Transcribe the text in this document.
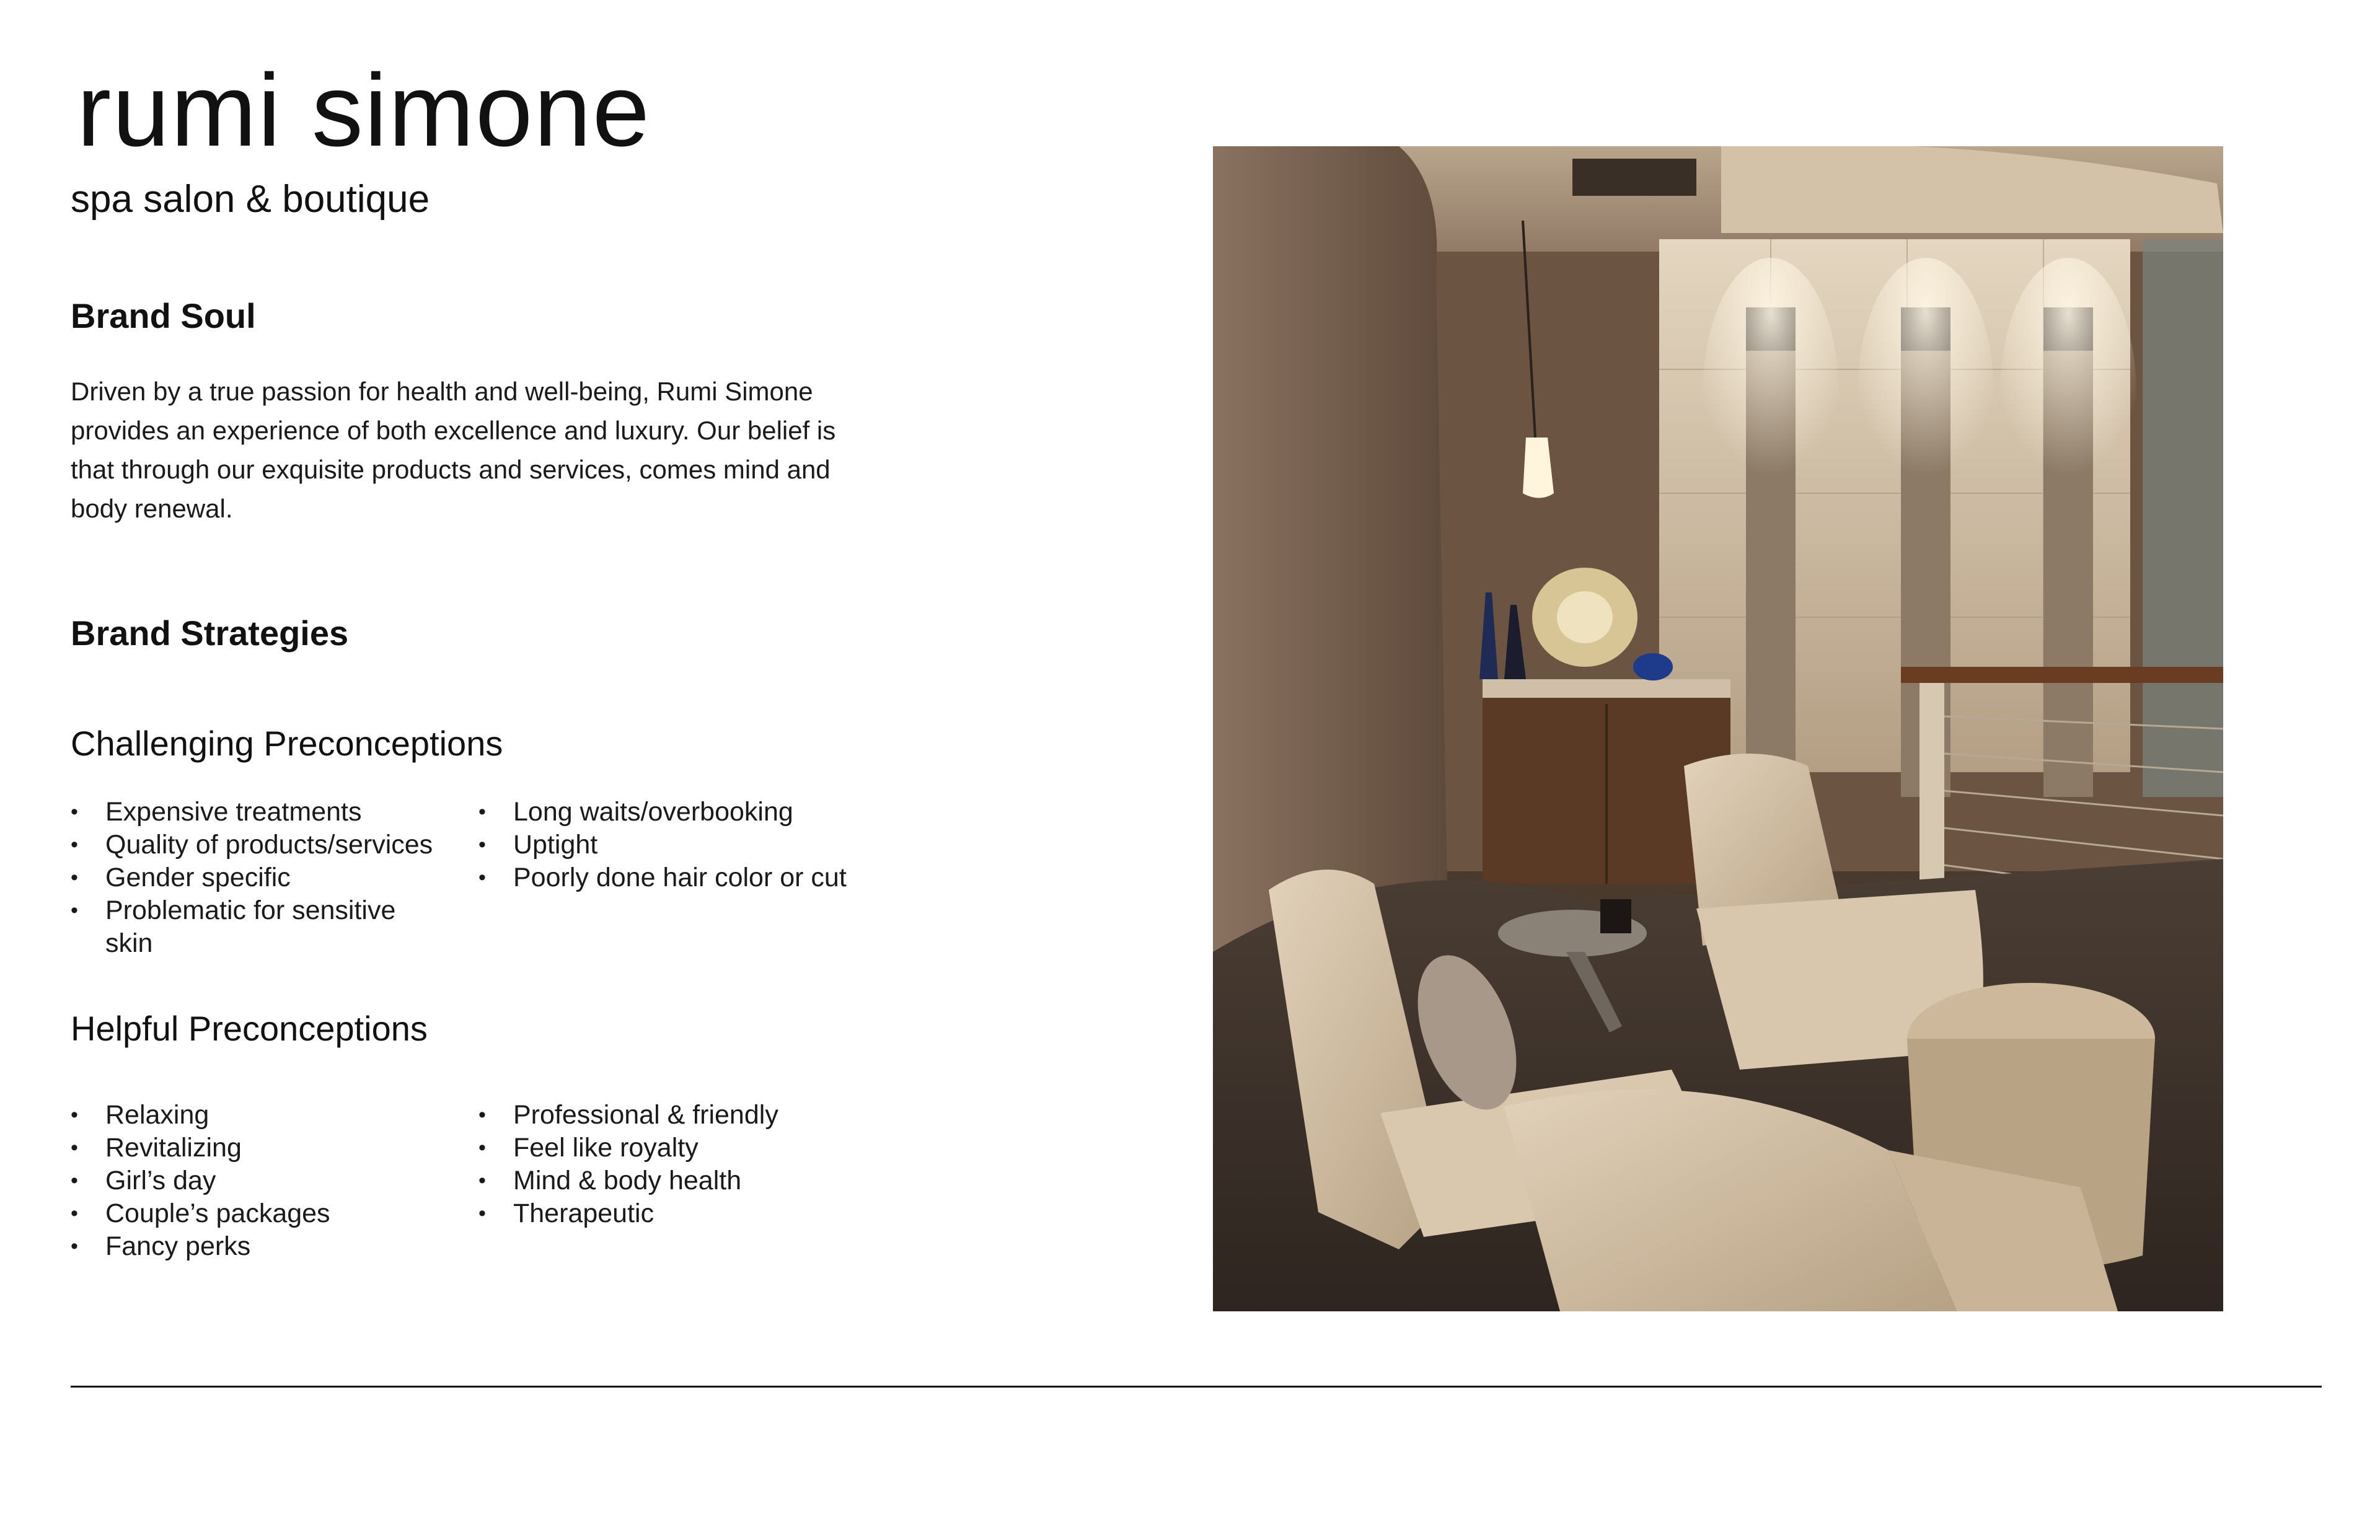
rumi simone
spa salon & boutique
Brand Soul

Driven by a true passion for health and well-being, Rumi Simone provides an experience of both excellence and luxury. Our belief is that through our exquisite products and services, comes mind and body renewal.

Brand Strategies
Challenging Preconceptions
• Expensive treatments
• Quality of products/services
• Gender specific
• Problematic for sensitive skin
• Long waits/overbooking
• Uptight
• Poorly done hair color or cut
Helpful Preconceptions
• Relaxing
• Revitalizing
• Girl’s day
• Couple’s packages
• Fancy perks
• Professional & friendly
• Feel like royalty
• Mind & body health
• Therapeutic
